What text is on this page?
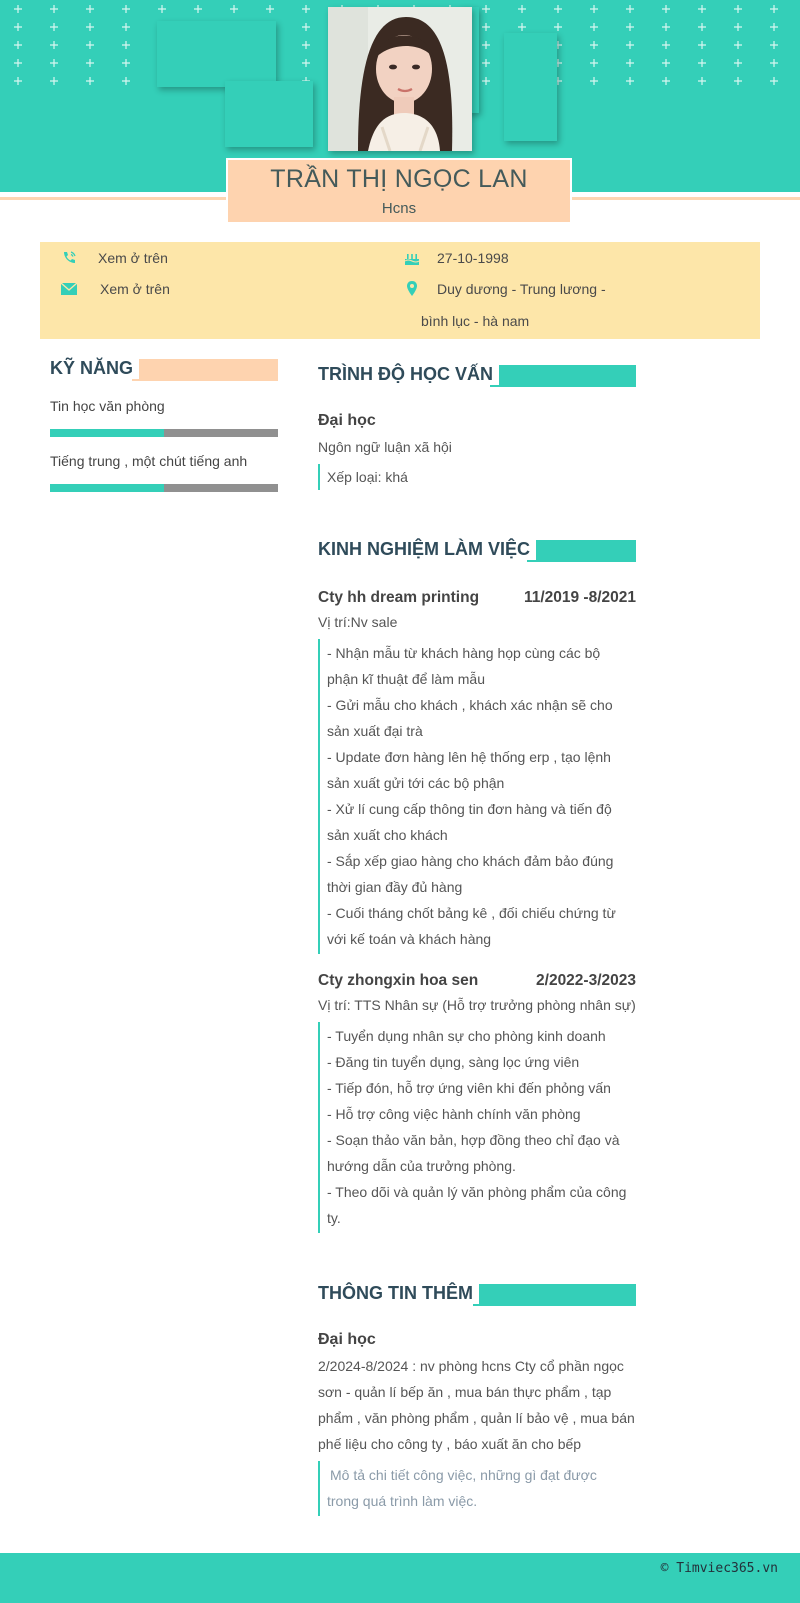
TRẦN THỊ NGỌC LAN
Hcns
Xem ở trên
Xem ở trên
27-10-1998
Duy dương - Trung lương -
bình lục - hà nam
KỸ NĂNG
Tin học văn phòng
Tiếng trung , một chút tiếng anh
TRÌNH ĐỘ HỌC VẤN
Đại học
Ngôn ngữ luận xã hội
Xếp loại: khá
KINH NGHIỆM LÀM VIỆC
Cty hh dream printing	11/2019 -8/2021
Vị trí:Nv sale
- Nhận mẫu từ khách hàng họp cùng các bộ
phận kĩ thuật để làm mẫu
- Gửi mẫu cho khách , khách xác nhận sẽ cho
sản xuất đại trà
- Update đơn hàng lên hệ thống erp , tạo lệnh
sản xuất gửi tới các bộ phận
- Xử lí cung cấp thông tin đơn hàng và tiến độ
sản xuất cho khách
- Sắp xếp giao hàng cho khách đảm bảo đúng
thời gian đầy đủ hàng
- Cuối tháng chốt bảng kê , đối chiếu chứng từ
với kế toán và khách hàng
Cty zhongxin hoa sen	2/2022-3/2023
Vị trí: TTS Nhân sự (Hỗ trợ trưởng phòng nhân sự)
- Tuyển dụng nhân sự cho phòng kinh doanh
- Đăng tin tuyển dụng, sàng lọc ứng viên
- Tiếp đón, hỗ trợ ứng viên khi đến phỏng vấn
- Hỗ trợ công việc hành chính văn phòng
- Soạn thảo văn bản, hợp đồng theo chỉ đạo và
hướng dẫn của trưởng phòng.
- Theo dõi và quản lý văn phòng phẩm của công
ty.
THÔNG TIN THÊM
Đại học
2/2024-8/2024 : nv phòng hcns Cty cổ phần ngọc
sơn - quản lí bếp ăn , mua bán thực phẩm , tạp
phẩm , văn phòng phẩm , quản lí bảo vệ , mua bán
phế liệu cho công ty , báo xuất ăn cho bếp
Mô tả chi tiết công việc, những gì đạt được
trong quá trình làm việc.
© Timviec365.vn
